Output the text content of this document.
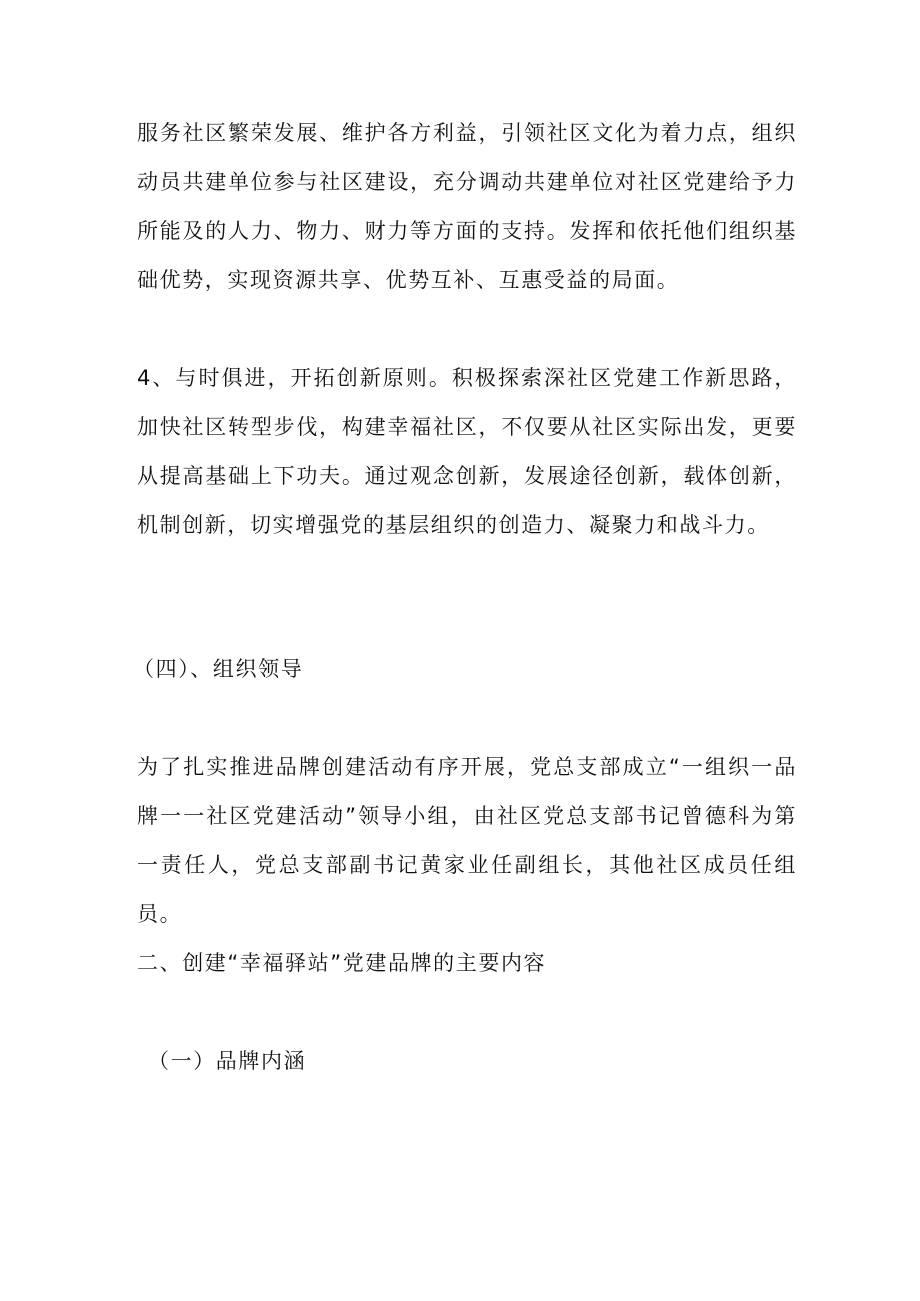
服务社区繁荣发展、维护各方利益，引领社区文化为着力点，组织动员共建单位参与社区建设，充分调动共建单位对社区党建给予力所能及的人力、物力、财力等方面的支持。发挥和依托他们组织基础优势，实现资源共享、优势互补、互惠受益的局面。

4、与时俱进，开拓创新原则。积极探索深社区党建工作新思路，加快社区转型步伐，构建幸福社区，不仅要从社区实际出发，更要从提高基础上下功夫。通过观念创新，发展途径创新，载体创新，机制创新，切实增强党的基层组织的创造力、凝聚力和战斗力。

（四）、组织领导

为了扎实推进品牌创建活动有序开展，党总支部成立“一组织一品牌一一社区党建活动”领导小组，由社区党总支部书记曾德科为第一责任人，党总支部副书记黄家业任副组长，其他社区成员任组员。

二、创建“幸福驿站”党建品牌的主要内容

（一）品牌内涵
